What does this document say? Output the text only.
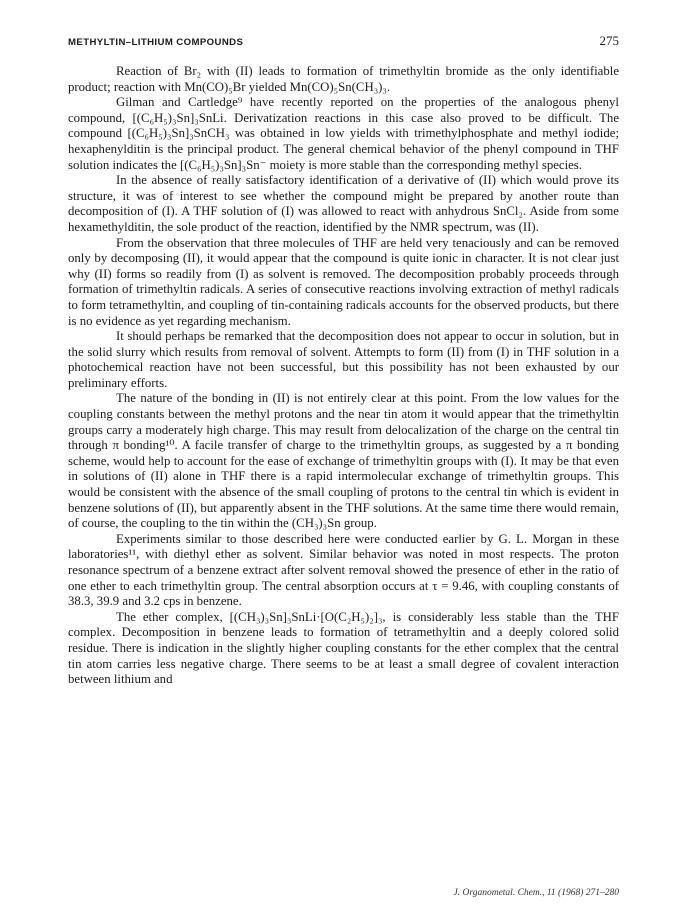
METHYLTIN–LITHIUM COMPOUNDS	275

Reaction of Br₂ with (II) leads to formation of trimethyltin bromide as the only identifiable product; reaction with Mn(CO)₅Br yielded Mn(CO)₅Sn(CH₃)₃.

Gilman and Cartledge⁹ have recently reported on the properties of the analogous phenyl compound, [(C₆H₅)₃Sn]₃SnLi. Derivatization reactions in this case also proved to be difficult. The compound [(C₆H₅)₃Sn]₃SnCH₃ was obtained in low yields with trimethylphosphate and methyl iodide; hexaphenylditin is the principal product. The general chemical behavior of the phenyl compound in THF solution indicates the [(C₆H₅)₃Sn]₃Sn⁻ moiety is more stable than the corresponding methyl species.

In the absence of really satisfactory identification of a derivative of (II) which would prove its structure, it was of interest to see whether the compound might be prepared by another route than decomposition of (I). A THF solution of (I) was allowed to react with anhydrous SnCl₂. Aside from some hexamethylditin, the sole product of the reaction, identified by the NMR spectrum, was (II).

From the observation that three molecules of THF are held very tenaciously and can be removed only by decomposing (II), it would appear that the compound is quite ionic in character. It is not clear just why (II) forms so readily from (I) as solvent is removed. The decomposition probably proceeds through formation of trimethyltin radicals. A series of consecutive reactions involving extraction of methyl radicals to form tetramethyltin, and coupling of tin-containing radicals accounts for the observed products, but there is no evidence as yet regarding mechanism.

It should perhaps be remarked that the decomposition does not appear to occur in solution, but in the solid slurry which results from removal of solvent. Attempts to form (II) from (I) in THF solution in a photochemical reaction have not been successful, but this possibility has not been exhausted by our preliminary efforts.

The nature of the bonding in (II) is not entirely clear at this point. From the low values for the coupling constants between the methyl protons and the near tin atom it would appear that the trimethyltin groups carry a moderately high charge. This may result from delocalization of the charge on the central tin through π bonding¹⁰. A facile transfer of charge to the trimethyltin groups, as suggested by a π bonding scheme, would help to account for the ease of exchange of trimethyltin groups with (I). It may be that even in solutions of (II) alone in THF there is a rapid intermolecular exchange of trimethyltin groups. This would be consistent with the absence of the small coupling of protons to the central tin which is evident in benzene solutions of (II), but apparently absent in the THF solutions. At the same time there would remain, of course, the coupling to the tin within the (CH₃)₃Sn group.

Experiments similar to those described here were conducted earlier by G. L. Morgan in these laboratories¹¹, with diethyl ether as solvent. Similar behavior was noted in most respects. The proton resonance spectrum of a benzene extract after solvent removal showed the presence of ether in the ratio of one ether to each trimethyltin group. The central absorption occurs at τ = 9.46, with coupling constants of 38.3, 39.9 and 3.2 cps in benzene.

The ether complex, [(CH₃)₃Sn]₃SnLi·[O(C₂H₅)₂]₃, is considerably less stable than the THF complex. Decomposition in benzene leads to formation of tetramethyltin and a deeply colored solid residue. There is indication in the slightly higher coupling constants for the ether complex that the central tin atom carries less negative charge. There seems to be at least a small degree of covalent interaction between lithium and

J. Organometal. Chem., 11 (1968) 271–280
